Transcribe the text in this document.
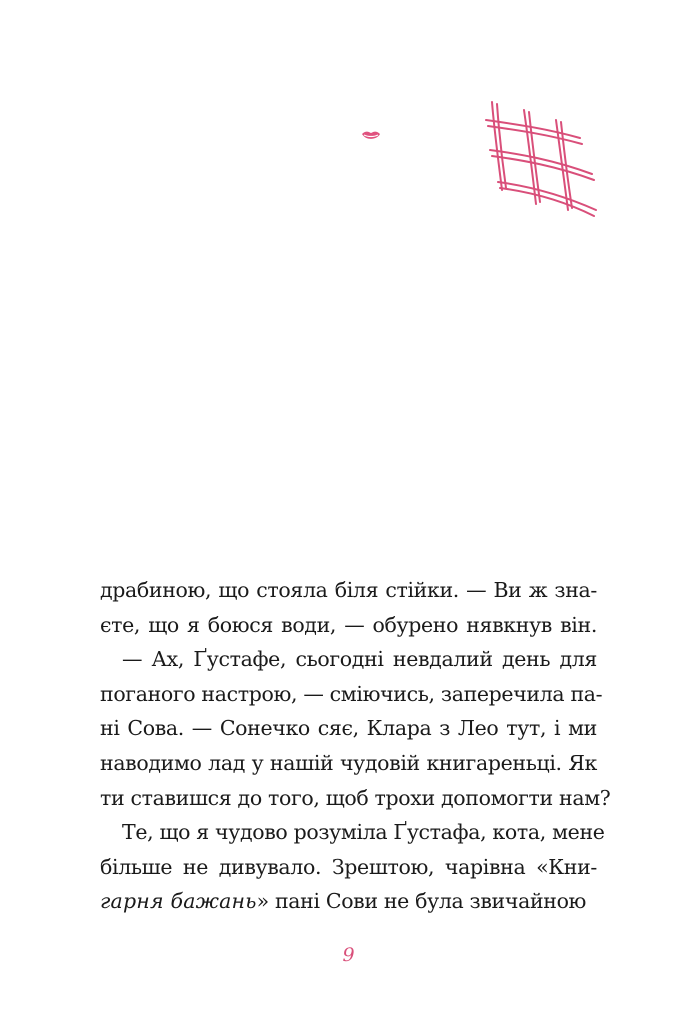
драбиною, що стояла біля стійки. — Ви ж зна-
єте, що я боюся води, — обурено нявкнув він.
— Ах, Ґустафе, сьогодні невдалий день для
поганого настрою, — сміючись, заперечила па-
ні Сова. — Сонечко сяє, Клара з Лео тут, і ми
наводимо лад у нашій чудовій книгареньці. Як
ти ставишся до того, щоб трохи допомогти нам?
Те, що я чудово розуміла Ґустафа, кота, мене
більше не дивувало. Зрештою, чарівна «Кни-
гарня бажань» пані Сови не була звичайною
9
